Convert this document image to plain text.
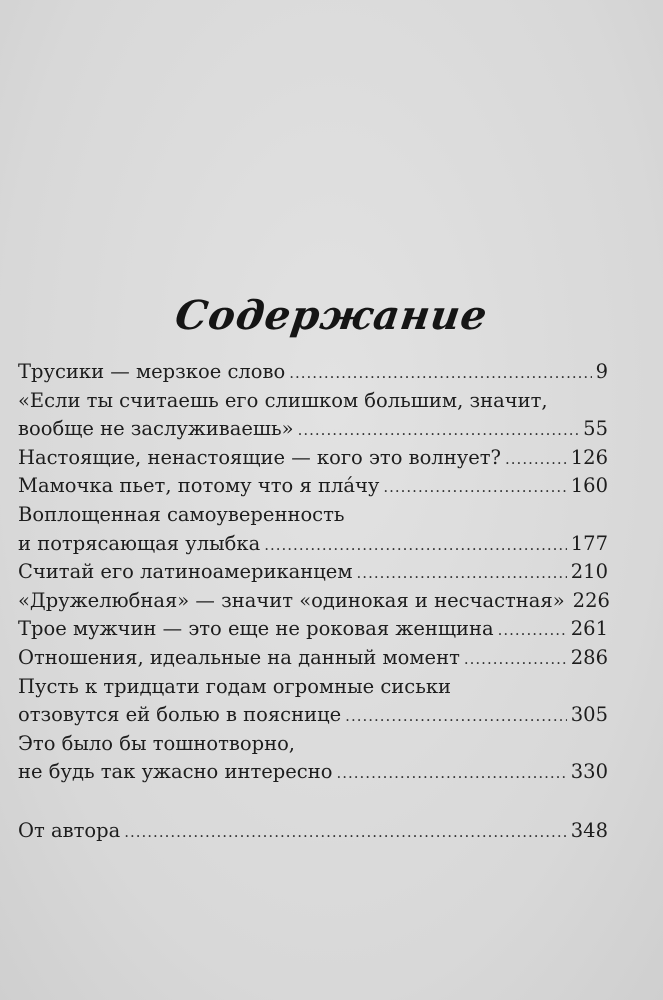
Содержание
Трусики — мерзкое слово .....	9
«Если ты считаешь его слишком большим, значит,
вообще не заслуживаешь» .....	55
Настоящие, ненастоящие — кого это волнует? .....	126
Мамочка пьет, потому что я плáчу .....	160
Воплощенная самоуверенность
и потрясающая улыбка .....	177
Считай его латиноамериканцем .....	210
«Дружелюбная» — значит «одинокая и несчастная» 226
Трое мужчин — это еще не роковая женщина .....	261
Отношения, идеальные на данный момент .....	286
Пусть к тридцати годам огромные сиськи
отзовутся ей болью в пояснице .....	305
Это было бы тошнотворно,
не будь так ужасно интересно .....	330
От автора .....	348
